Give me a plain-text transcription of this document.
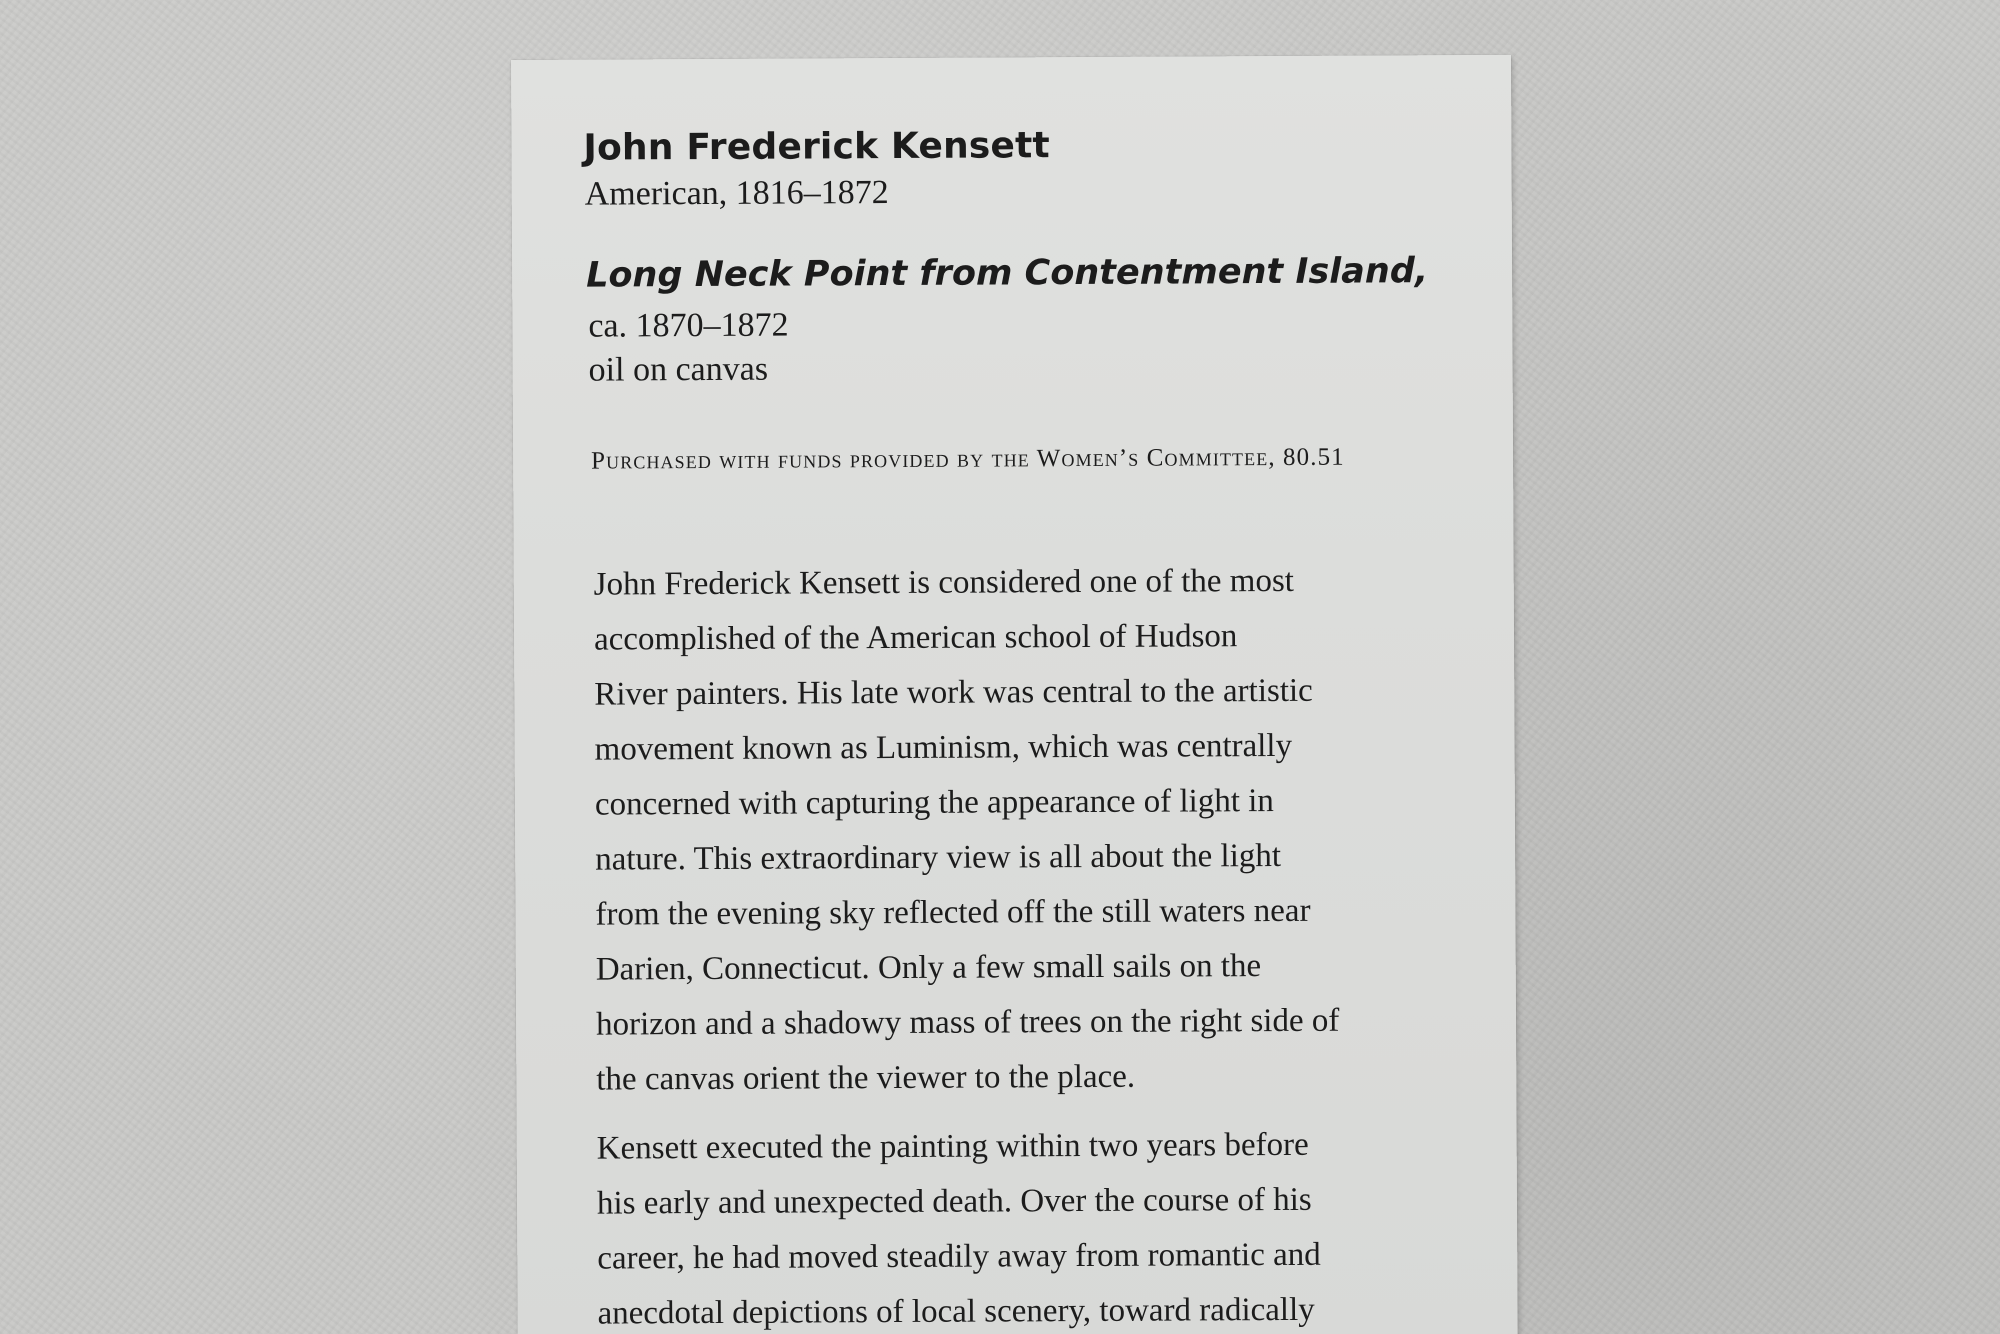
John Frederick Kensett
American, 1816–1872
Long Neck Point from Contentment Island,
ca. 1870–1872
oil on canvas
Purchased with funds provided by the Women’s Committee, 80.51
John Frederick Kensett is considered one of the most
accomplished of the American school of Hudson
River painters. His late work was central to the artistic
movement known as Luminism, which was centrally
concerned with capturing the appearance of light in
nature. This extraordinary view is all about the light
from the evening sky reflected off the still waters near
Darien, Connecticut. Only a few small sails on the
horizon and a shadowy mass of trees on the right side of
the canvas orient the viewer to the place.
Kensett executed the painting within two years before
his early and unexpected death. Over the course of his
career, he had moved steadily away from romantic and
anecdotal depictions of local scenery, toward radically
